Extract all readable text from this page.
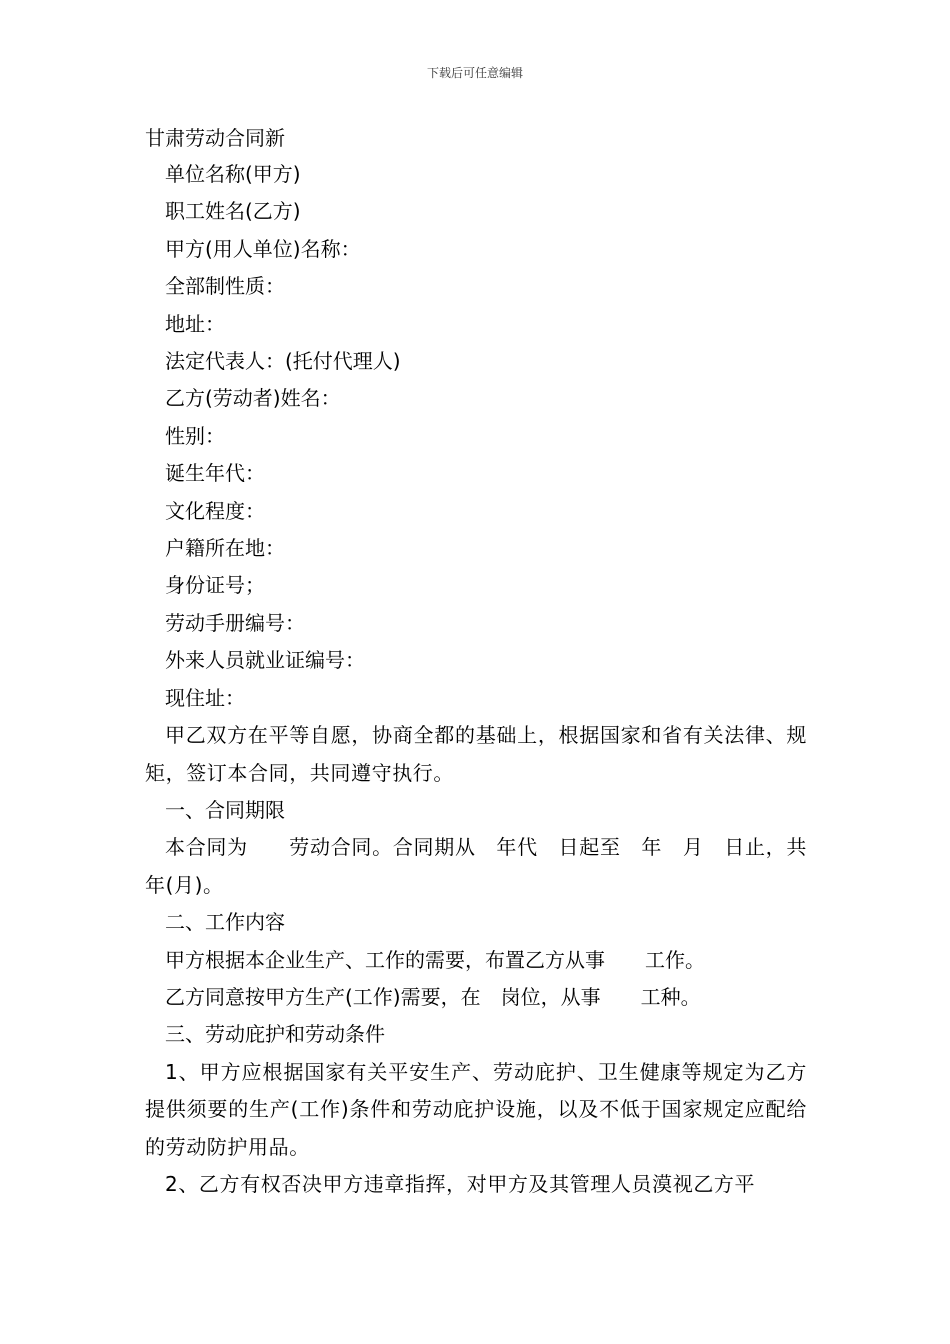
下载后可任意编辑
甘肃劳动合同新
单位名称(甲方)
职工姓名(乙方)
甲方(用人单位)名称：
全部制性质：
地址：
法定代表人：(托付代理人)
乙方(劳动者)姓名：
性别：
诞生年代：
文化程度：
户籍所在地：
身份证号；
劳动手册编号：
外来人员就业证编号：
现住址：
甲乙双方在平等自愿，协商全都的基础上，根据国家和省有关法律、规矩，签订本合同，共同遵守执行。
一、合同期限
本合同为　　劳动合同。合同期从　年代　日起至　年　月　日止，共年(月)。
二、工作内容
甲方根据本企业生产、工作的需要，布置乙方从事　　工作。
乙方同意按甲方生产(工作)需要，在　岗位，从事　　工种。
三、劳动庇护和劳动条件
1、甲方应根据国家有关平安生产、劳动庇护、卫生健康等规定为乙方提供须要的生产(工作)条件和劳动庇护设施，以及不低于国家规定应配给的劳动防护用品。
2、乙方有权否决甲方违章指挥，对甲方及其管理人员漠视乙方平
